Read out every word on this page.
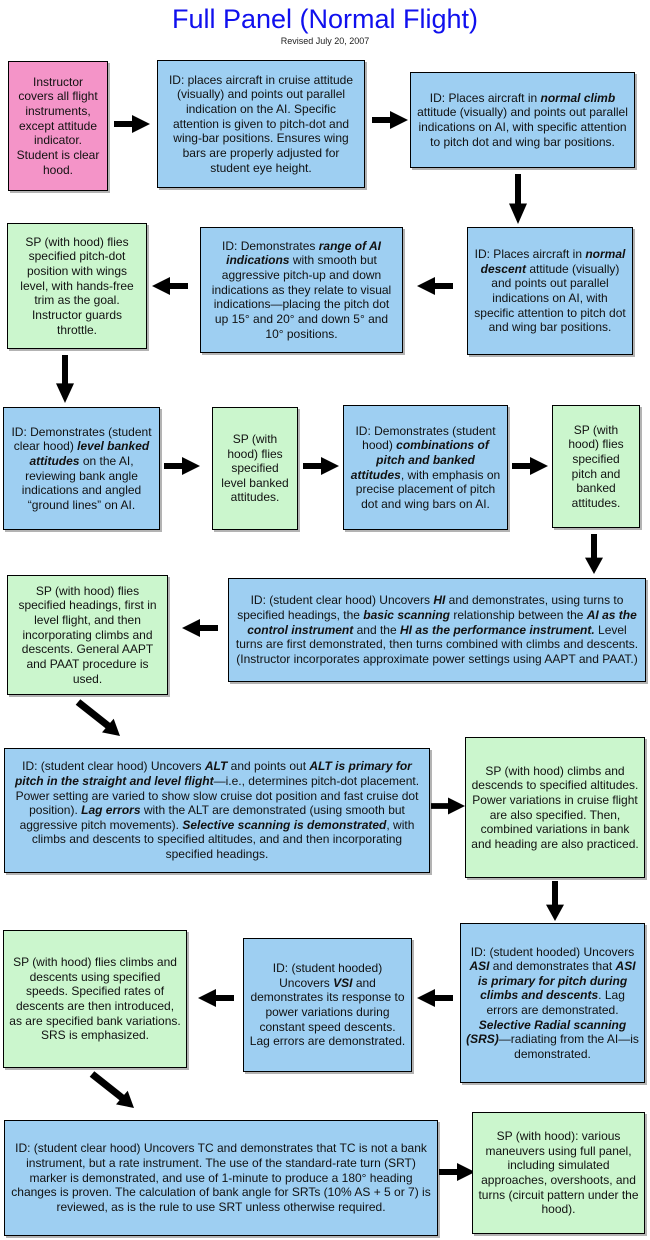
Full Panel (Normal Flight)
Revised July 20, 2007
Instructor covers all flight instruments, except attitude indicator. Student is clear hood.
ID: places aircraft in cruise attitude (visually) and points out parallel indication on the AI. Specific attention is given to pitch-dot and wing-bar positions. Ensures wing bars are properly adjusted for student eye height.
ID: Places aircraft in normal climb attitude (visually) and points out parallel indications on AI, with specific attention to pitch dot and wing bar positions.
ID: Places aircraft in normal descent attitude (visually) and points out parallel indications on AI, with specific attention to pitch dot and wing bar positions.
ID: Demonstrates range of AI indications with smooth but aggressive pitch-up and down indications as they relate to visual indications—placing the pitch dot up 15° and 20° and down 5° and 10° positions.
SP (with hood) flies specified pitch-dot position with wings level, with hands-free trim as the goal. Instructor guards throttle.
ID: Demonstrates (student clear hood) level banked attitudes on the AI, reviewing bank angle indications and angled “ground lines” on AI.
SP (with hood) flies specified level banked attitudes.
ID: Demonstrates (student hood) combinations of pitch and banked attitudes, with emphasis on precise placement of pitch dot and wing bars on AI.
SP (with hood) flies specified pitch and banked attitudes.
ID: (student clear hood) Uncovers HI and demonstrates, using turns to specified headings, the basic scanning relationship between the AI as the control instrument and the HI as the performance instrument. Level turns are first demonstrated, then turns combined with climbs and descents. (Instructor incorporates approximate power settings using AAPT and PAAT.)
SP (with hood) flies specified headings, first in level flight, and then incorporating climbs and descents. General AAPT and PAAT procedure is used.
ID: (student clear hood) Uncovers ALT and points out ALT is primary for pitch in the straight and level flight—i.e., determines pitch-dot placement. Power setting are varied to show slow cruise dot position and fast cruise dot position). Lag errors with the ALT are demonstrated (using smooth but aggressive pitch movements). Selective scanning is demonstrated, with climbs and descents to specified altitudes, and and then incorporating specified headings.
SP (with hood) climbs and descends to specified altitudes. Power variations in cruise flight are also specified. Then, combined variations in bank and heading are also practiced.
ID: (student hooded) Uncovers ASI and demonstrates that ASI is primary for pitch during climbs and descents. Lag errors are demonstrated. Selective Radial scanning (SRS)—radiating from the AI—is demonstrated.
ID: (student hooded) Uncovers VSI and demonstrates its response to power variations during constant speed descents. Lag errors are demonstrated.
SP (with hood) flies climbs and descents using specified speeds. Specified rates of descents are then introduced, as are specified bank variations. SRS is emphasized.
ID: (student clear hood) Uncovers TC and demonstrates that TC is not a bank instrument, but a rate instrument. The use of the standard-rate turn (SRT) marker is demonstrated, and use of 1-minute to produce a 180° heading changes is proven. The calculation of bank angle for SRTs (10% AS + 5 or 7) is reviewed, as is the rule to use SRT unless otherwise required.
SP (with hood): various maneuvers using full panel, including simulated approaches, overshoots, and turns (circuit pattern under the hood).
